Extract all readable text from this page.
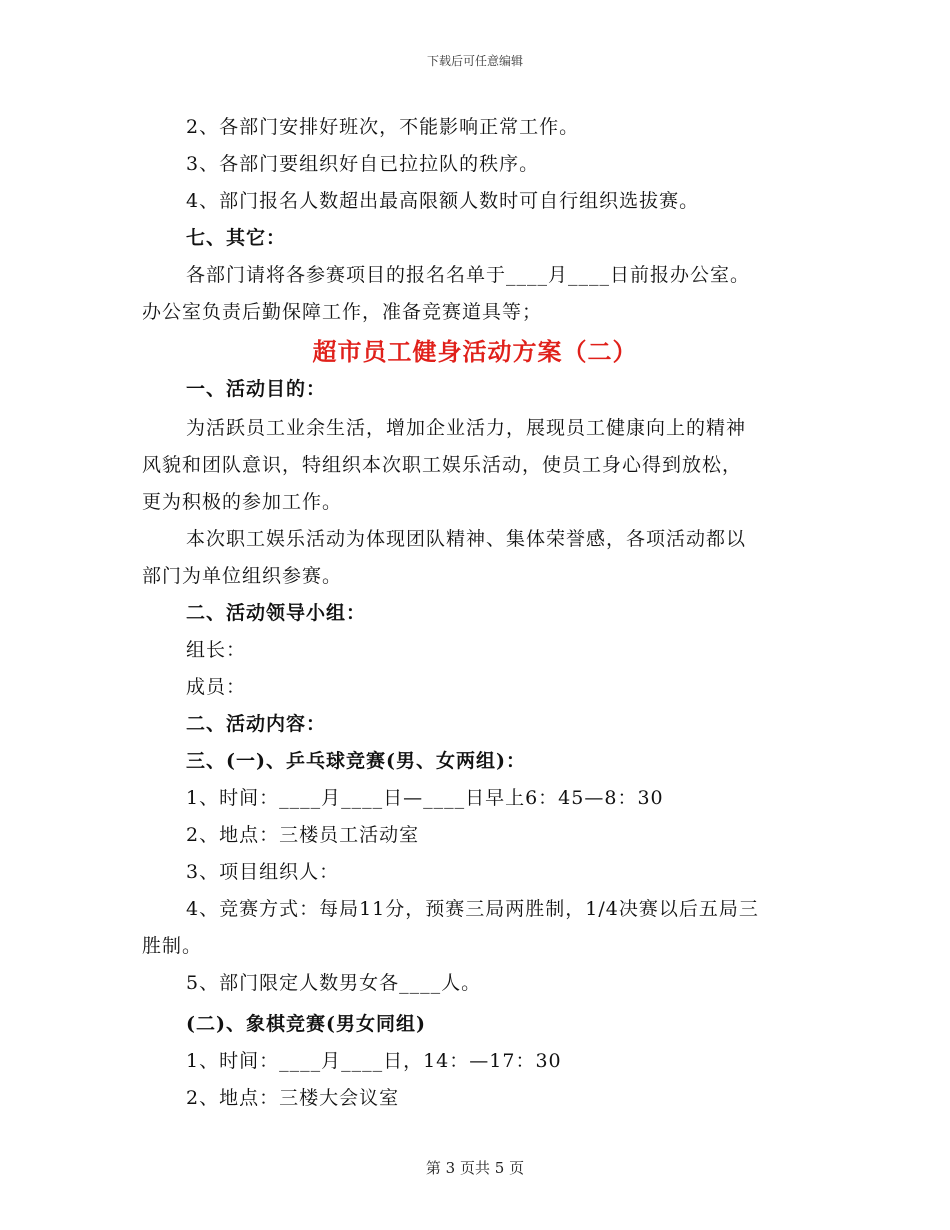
下载后可任意编辑
2、各部门安排好班次，不能影响正常工作。
3、各部门要组织好自已拉拉队的秩序。
4、部门报名人数超出最高限额人数时可自行组织选拔赛。
七、其它：
各部门请将各参赛项目的报名名单于____月____日前报办公室。
办公室负责后勤保障工作，准备竞赛道具等；
超市员工健身活动方案（二）
一、活动目的：
为活跃员工业余生活，增加企业活力，展现员工健康向上的精神
风貌和团队意识，特组织本次职工娱乐活动，使员工身心得到放松，
更为积极的参加工作。
本次职工娱乐活动为体现团队精神、集体荣誉感，各项活动都以
部门为单位组织参赛。
二、活动领导小组：
组长：
成员：
二、活动内容：
三、(一)、乒乓球竞赛(男、女两组)：
1、时间：____月____日—____日早上6：45—8：30
2、地点：三楼员工活动室
3、项目组织人：
4、竞赛方式：每局11分，预赛三局两胜制，1/4决赛以后五局三
胜制。
5、部门限定人数男女各____人。
(二)、象棋竞赛(男女同组)
1、时间：____月____日，14：—17：30
2、地点：三楼大会议室
第 3 页共 5 页
